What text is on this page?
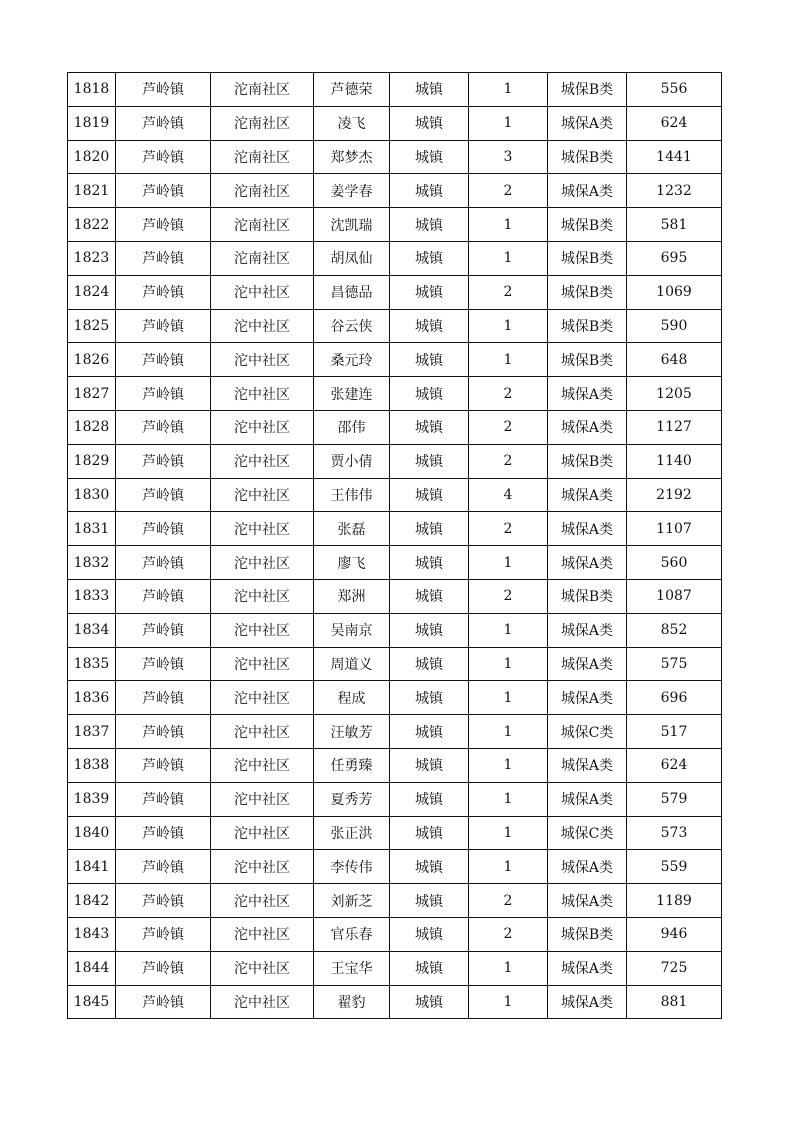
1818	芦岭镇	沱南社区	芦德荣	城镇	1	城保B类	556
1819	芦岭镇	沱南社区	凌飞	城镇	1	城保A类	624
1820	芦岭镇	沱南社区	郑梦杰	城镇	3	城保B类	1441
1821	芦岭镇	沱南社区	姜学春	城镇	2	城保A类	1232
1822	芦岭镇	沱南社区	沈凯瑞	城镇	1	城保B类	581
1823	芦岭镇	沱南社区	胡凤仙	城镇	1	城保B类	695
1824	芦岭镇	沱中社区	昌德品	城镇	2	城保B类	1069
1825	芦岭镇	沱中社区	谷云侠	城镇	1	城保B类	590
1826	芦岭镇	沱中社区	桑元玲	城镇	1	城保B类	648
1827	芦岭镇	沱中社区	张建连	城镇	2	城保A类	1205
1828	芦岭镇	沱中社区	邵伟	城镇	2	城保A类	1127
1829	芦岭镇	沱中社区	贾小倩	城镇	2	城保B类	1140
1830	芦岭镇	沱中社区	王伟伟	城镇	4	城保A类	2192
1831	芦岭镇	沱中社区	张磊	城镇	2	城保A类	1107
1832	芦岭镇	沱中社区	廖飞	城镇	1	城保A类	560
1833	芦岭镇	沱中社区	郑洲	城镇	2	城保B类	1087
1834	芦岭镇	沱中社区	吴南京	城镇	1	城保A类	852
1835	芦岭镇	沱中社区	周道义	城镇	1	城保A类	575
1836	芦岭镇	沱中社区	程成	城镇	1	城保A类	696
1837	芦岭镇	沱中社区	汪敏芳	城镇	1	城保C类	517
1838	芦岭镇	沱中社区	任勇臻	城镇	1	城保A类	624
1839	芦岭镇	沱中社区	夏秀芳	城镇	1	城保A类	579
1840	芦岭镇	沱中社区	张正洪	城镇	1	城保C类	573
1841	芦岭镇	沱中社区	李传伟	城镇	1	城保A类	559
1842	芦岭镇	沱中社区	刘新芝	城镇	2	城保A类	1189
1843	芦岭镇	沱中社区	官乐春	城镇	2	城保B类	946
1844	芦岭镇	沱中社区	王宝华	城镇	1	城保A类	725
1845	芦岭镇	沱中社区	翟豹	城镇	1	城保A类	881
